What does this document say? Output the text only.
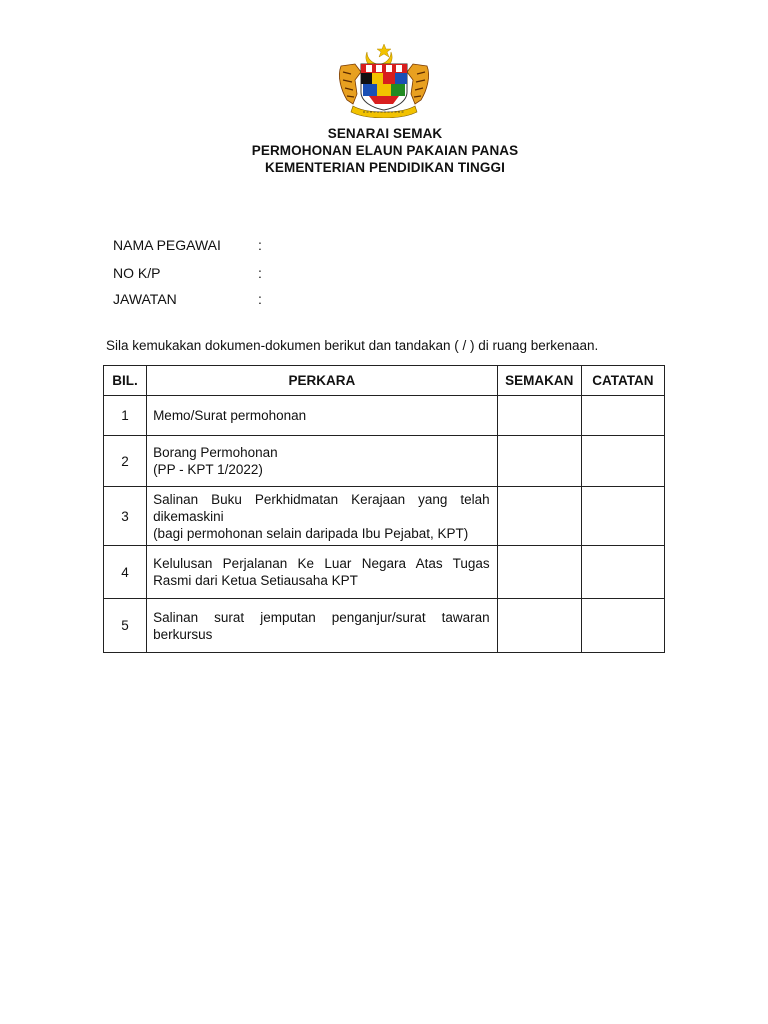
SENARAI SEMAK
PERMOHONAN ELAUN PAKAIAN PANAS
KEMENTERIAN PENDIDIKAN TINGGI
NAMA PEGAWAI	:
NO K/P	:
JAWATAN	:
Sila kemukakan dokumen-dokumen berikut dan tandakan ( / ) di ruang berkenaan.
BIL.	PERKARA	SEMAKAN	CATATAN
1	Memo/Surat permohonan		

2	Borang Permohonan
(PP - KPT 1/2022)		

3	Salinan Buku Perkhidmatan Kerajaan yang telah dikemaskini
(bagi permohonan selain daripada Ibu Pejabat, KPT)		

4	Kelulusan Perjalanan Ke Luar Negara Atas Tugas Rasmi dari Ketua Setiausaha KPT		

5	Salinan surat jemputan penganjur/surat tawaran berkursus		
